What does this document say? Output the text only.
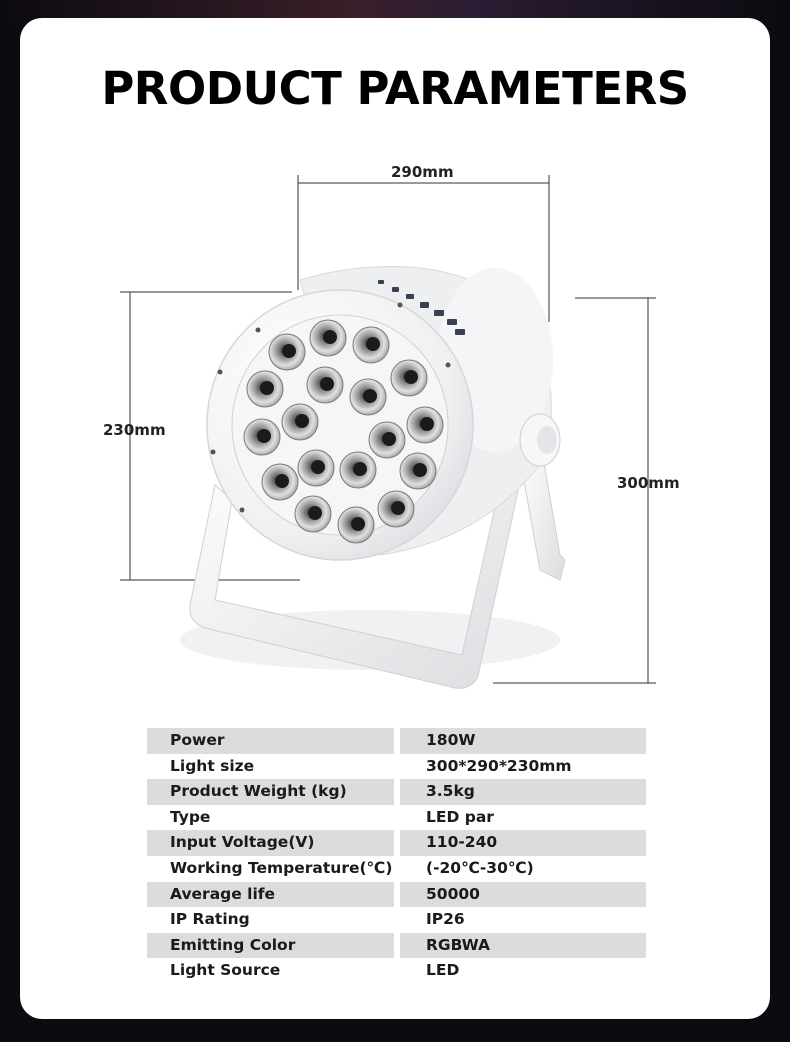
PRODUCT PARAMETERS
290mm
230mm
300mm
Power	180W
Light size	300*290*230mm
Product Weight (kg)	3.5kg
Type	LED par
Input Voltage(V)	110-240
Working Temperature(℃)	(-20℃-30℃)
Average life	50000
IP Rating	IP26
Emitting Color	RGBWA
Light Source	LED
